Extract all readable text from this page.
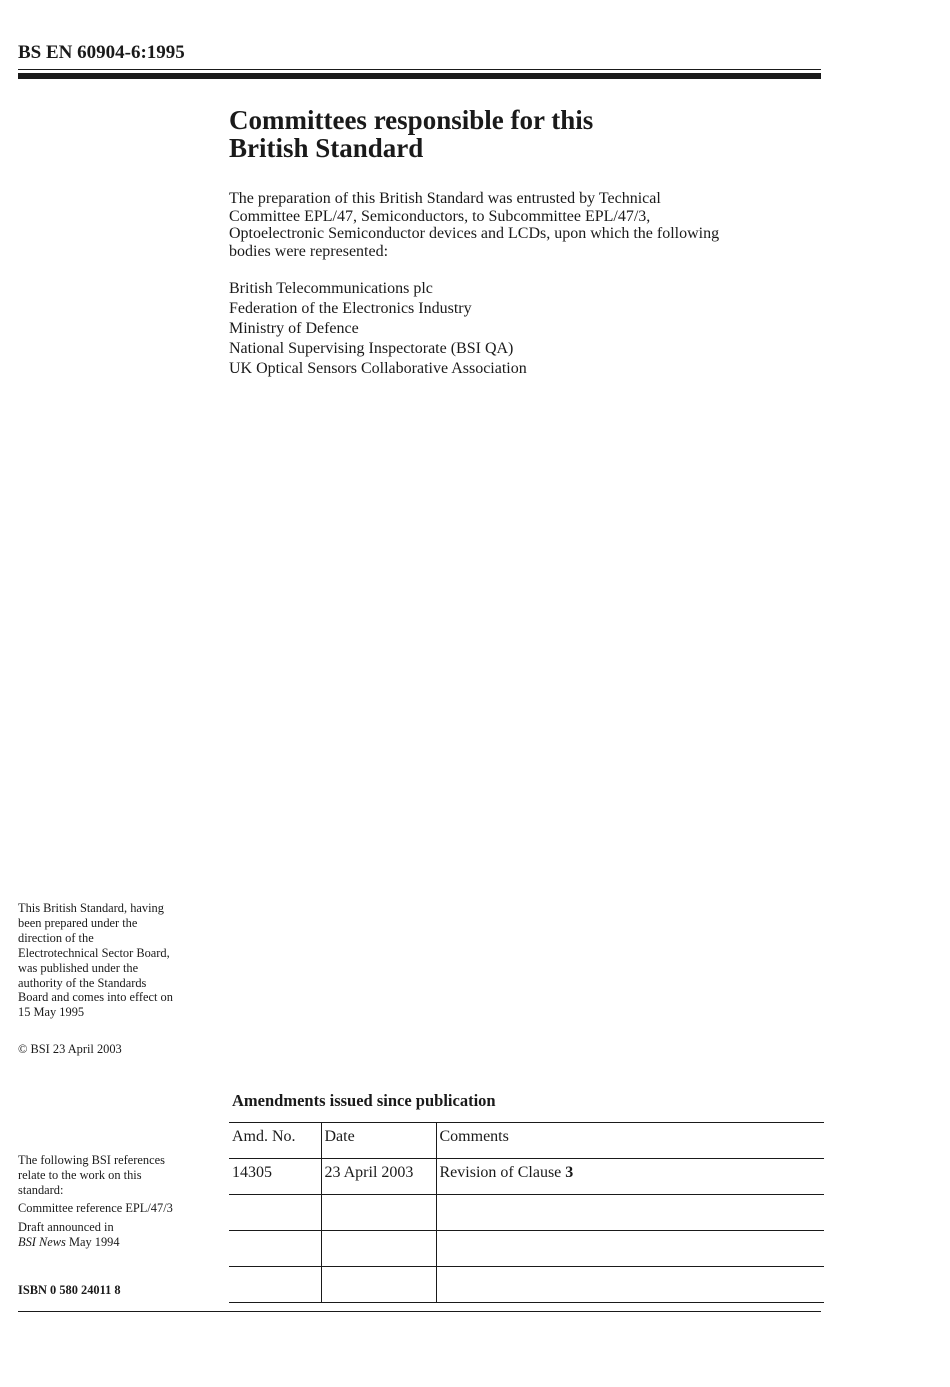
BS EN 60904-6:1995
Committees responsible for this
British Standard

The preparation of this British Standard was entrusted by Technical
Committee EPL/47, Semiconductors, to Subcommittee EPL/47/3,
Optoelectronic Semiconductor devices and LCDs, upon which the following
bodies were represented:

British Telecommunications plc
Federation of the Electronics Industry
Ministry of Defence
National Supervising Inspectorate (BSI QA)
UK Optical Sensors Collaborative Association

This British Standard, having
been prepared under the
direction of the
Electrotechnical Sector Board,
was published under the
authority of the Standards
Board and comes into effect on
15 May 1995

© BSI 23 April 2003
The following BSI references
relate to the work on this
standard:
Committee reference EPL/47/3
Draft announced in
BSI News May 1994
ISBN 0 580 24011 8
Amendments issued since publication
Amd. No.	Date	Comments
14305	23 April 2003	Revision of Clause 3
